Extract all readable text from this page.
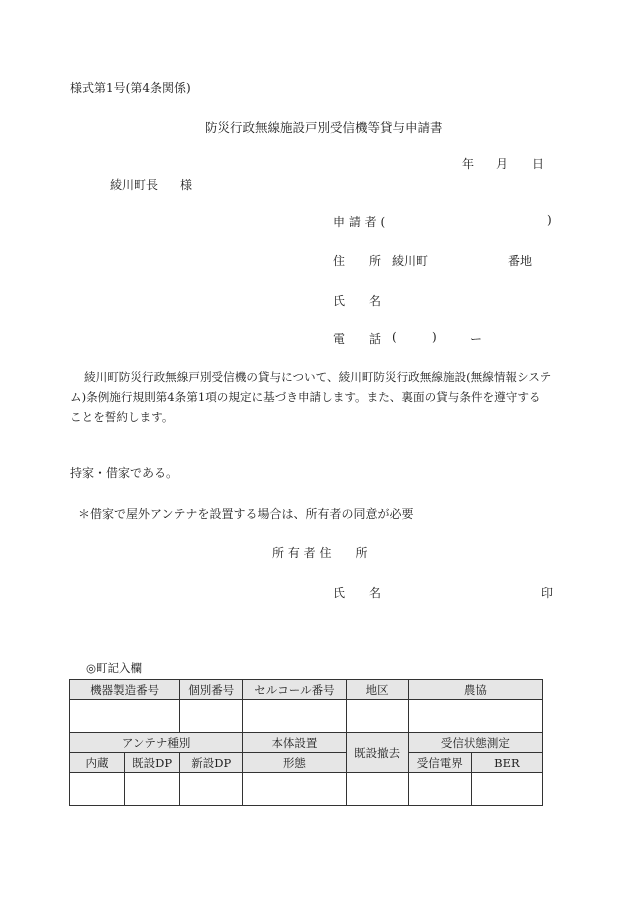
様式第1号(第4条関係)
防災行政無線施設戸別受信機等貸与申請書
年 月 日
綾川町長 様
申 請 者 (	)
住　　所 綾川町	番地
氏　　名
電　　話 (	)	ー
綾川町防災行政無線戸別受信機の貸与について、綾川町防災行政無線施設(無線情報システ
ム)条例施行規則第4条第1項の規定に基づき申請します。また、裏面の貸与条件を遵守する
ことを誓約します。
持家・借家である。
＊借家で屋外アンテナを設置する場合は、所有者の同意が必要
所 有 者 住　　所
氏　　名	印
◎町記入欄
機器製造番号		個別番号	セルコール番号	地区	農協	

アンテナ種別			本体設置	既設撤去	受信状態測定	
内蔵	既設DP	新設DP	形態		受信電界	BER
